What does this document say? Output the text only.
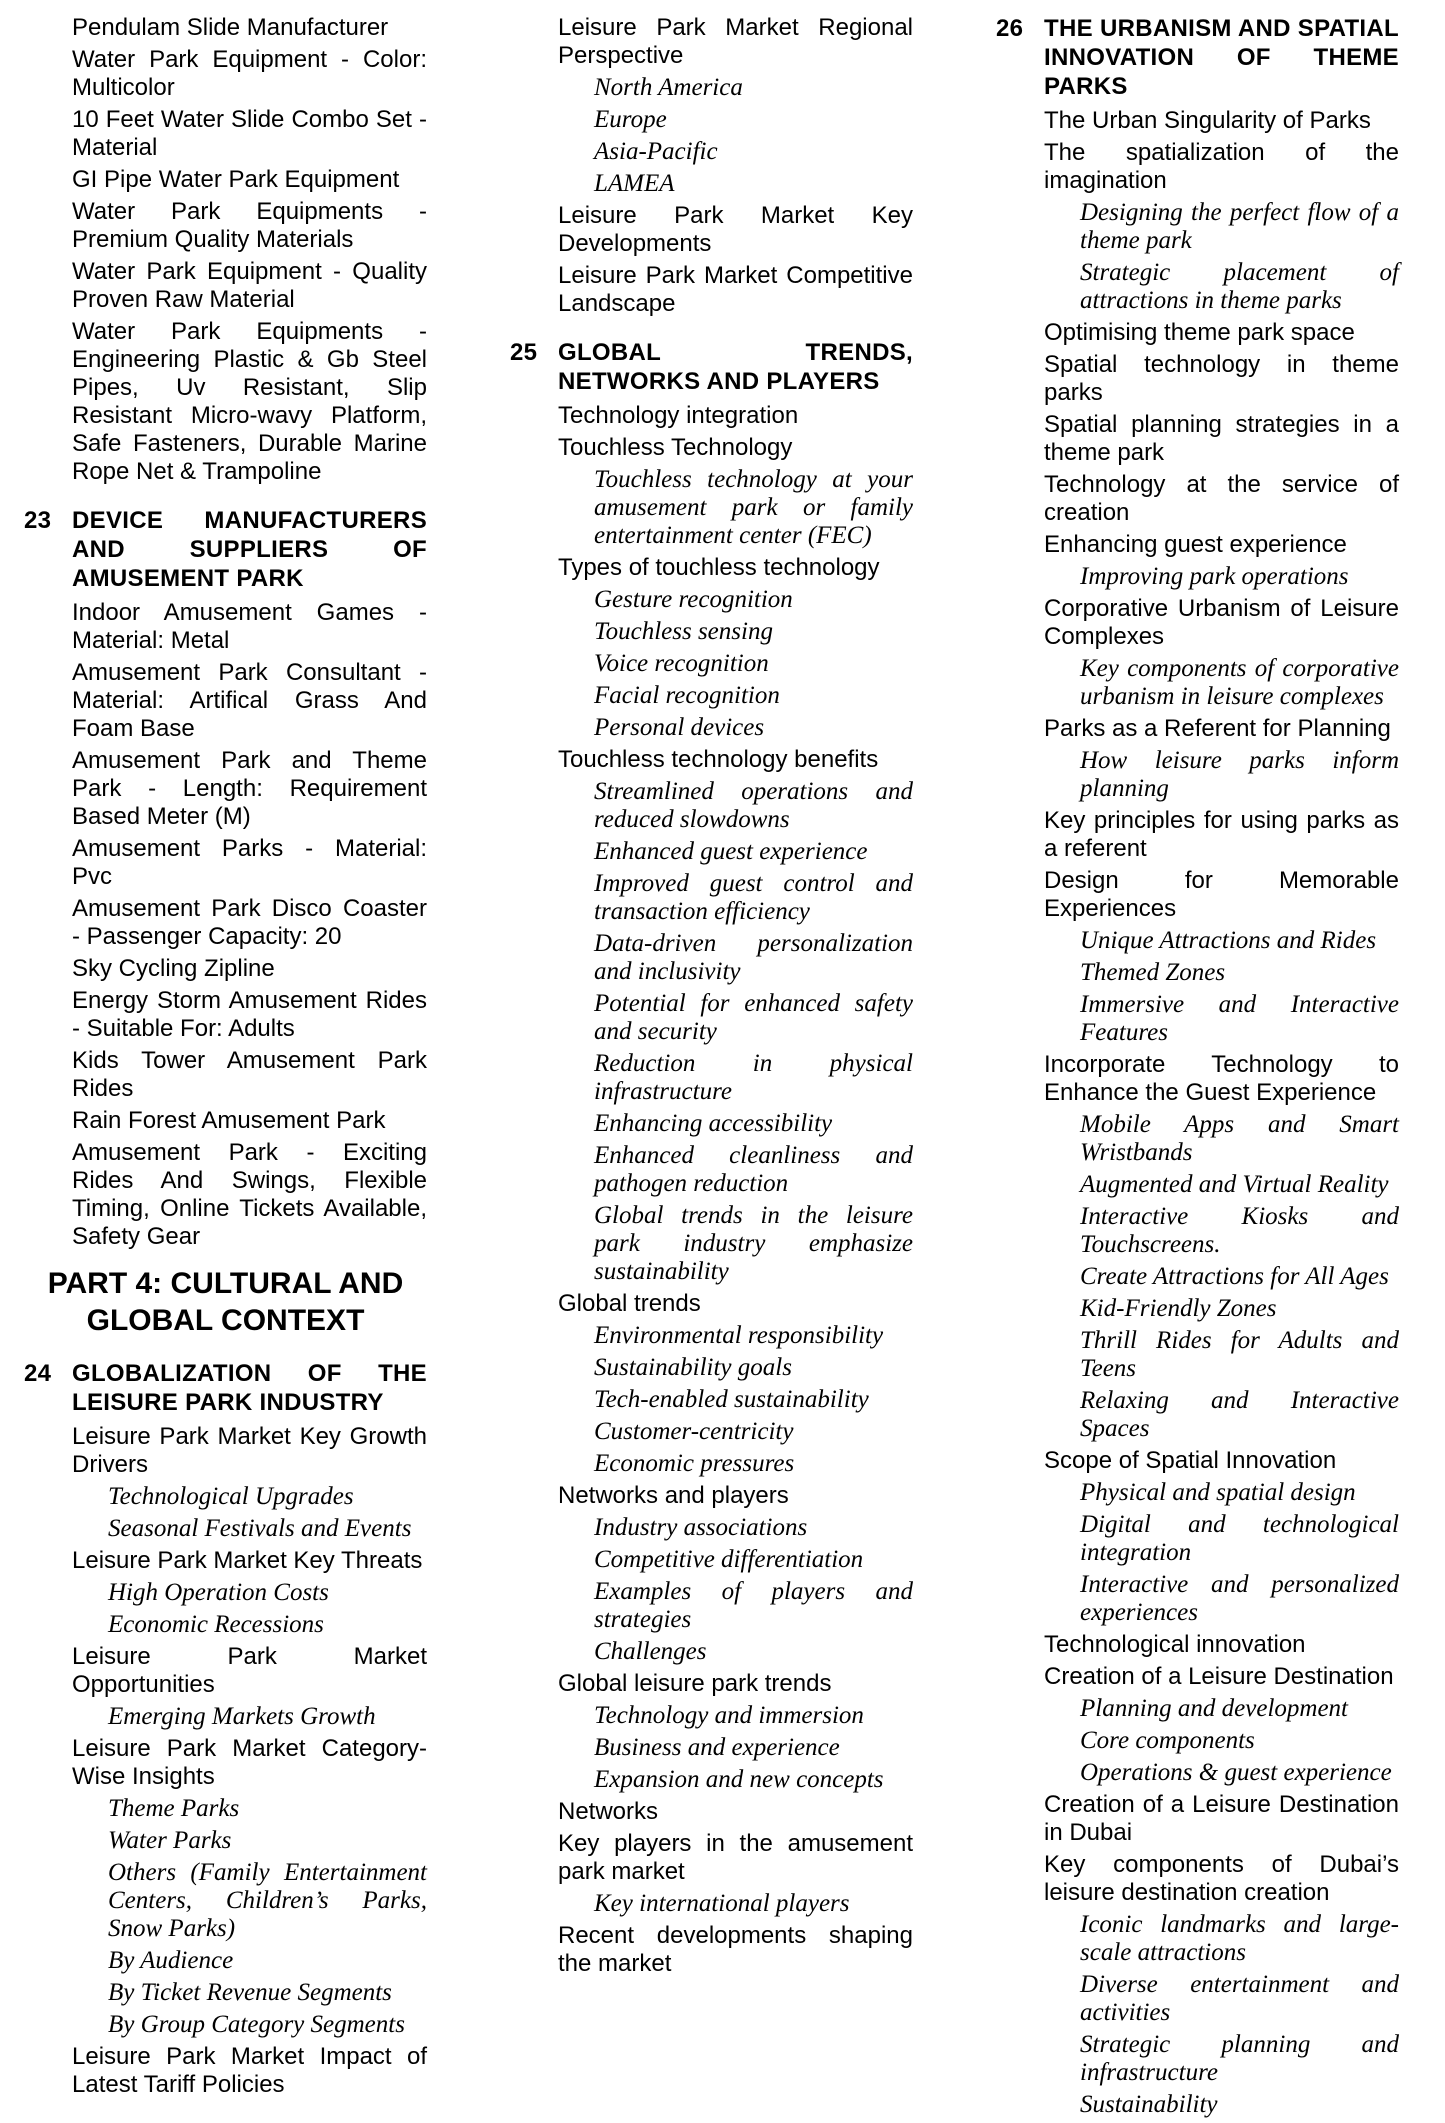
Pendulam Slide Manufacturer
Water Park Equipment - Color: Multicolor
10 Feet Water Slide Combo Set - Material
GI Pipe Water Park Equipment
Water Park Equipments - Premium Quality Materials
Water Park Equipment - Quality Proven Raw Material
Water Park Equipments - Engineering Plastic & Gb Steel Pipes, Uv Resistant, Slip Resistant Micro-wavy Platform, Safe Fasteners, Durable Marine Rope Net & Trampoline
23 DEVICE MANUFACTURERS AND SUPPLIERS OF AMUSEMENT PARK
Indoor Amusement Games - Material: Metal
Amusement Park Consultant - Material: Artifical Grass And Foam Base
Amusement Park and Theme Park - Length: Requirement Based Meter (M)
Amusement Parks - Material: Pvc
Amusement Park Disco Coaster - Passenger Capacity: 20
Sky Cycling Zipline
Energy Storm Amusement Rides - Suitable For: Adults
Kids Tower Amusement Park Rides
Rain Forest Amusement Park
Amusement Park - Exciting Rides And Swings, Flexible Timing, Online Tickets Available, Safety Gear
PART 4: CULTURAL AND GLOBAL CONTEXT
24 GLOBALIZATION OF THE LEISURE PARK INDUSTRY
Leisure Park Market Key Growth Drivers
Technological Upgrades
Seasonal Festivals and Events
Leisure Park Market Key Threats
High Operation Costs
Economic Recessions
Leisure Park Market Opportunities
Emerging Markets Growth
Leisure Park Market Category-Wise Insights
Theme Parks
Water Parks
Others (Family Entertainment Centers, Children’s Parks, Snow Parks)
By Audience
By Ticket Revenue Segments
By Group Category Segments
Leisure Park Market Impact of Latest Tariff Policies
Leisure Park Market Regional Perspective
North America
Europe
Asia-Pacific
LAMEA
Leisure Park Market Key Developments
Leisure Park Market Competitive Landscape
25 GLOBAL TRENDS, NETWORKS AND PLAYERS
Technology integration
Touchless Technology
Touchless technology at your amusement park or family entertainment center (FEC)
Types of touchless technology
Gesture recognition
Touchless sensing
Voice recognition
Facial recognition
Personal devices
Touchless technology benefits
Streamlined operations and reduced slowdowns
Enhanced guest experience
Improved guest control and transaction efficiency
Data-driven personalization and inclusivity
Potential for enhanced safety and security
Reduction in physical infrastructure
Enhancing accessibility
Enhanced cleanliness and pathogen reduction
Global trends in the leisure park industry emphasize sustainability
Global trends
Environmental responsibility
Sustainability goals
Tech-enabled sustainability
Customer-centricity
Economic pressures
Networks and players
Industry associations
Competitive differentiation
Examples of players and strategies
Challenges
Global leisure park trends
Technology and immersion
Business and experience
Expansion and new concepts
Networks
Key players in the amusement park market
Key international players
Recent developments shaping the market
26 THE URBANISM AND SPATIAL INNOVATION OF THEME PARKS
The Urban Singularity of Parks
The spatialization of the imagination
Designing the perfect flow of a theme park
Strategic placement of attractions in theme parks
Optimising theme park space
Spatial technology in theme parks
Spatial planning strategies in a theme park
Technology at the service of creation
Enhancing guest experience
Improving park operations
Corporative Urbanism of Leisure Complexes
Key components of corporative urbanism in leisure complexes
Parks as a Referent for Planning
How leisure parks inform planning
Key principles for using parks as a referent
Design for Memorable Experiences
Unique Attractions and Rides
Themed Zones
Immersive and Interactive Features
Incorporate Technology to Enhance the Guest Experience
Mobile Apps and Smart Wristbands
Augmented and Virtual Reality
Interactive Kiosks and Touchscreens.
Create Attractions for All Ages
Kid-Friendly Zones
Thrill Rides for Adults and Teens
Relaxing and Interactive Spaces
Scope of Spatial Innovation
Physical and spatial design
Digital and technological integration
Interactive and personalized experiences
Technological innovation
Creation of a Leisure Destination
Planning and development
Core components
Operations & guest experience
Creation of a Leisure Destination in Dubai
Key components of Dubai’s leisure destination creation
Iconic landmarks and large-scale attractions
Diverse entertainment and activities
Strategic planning and infrastructure
Sustainability
